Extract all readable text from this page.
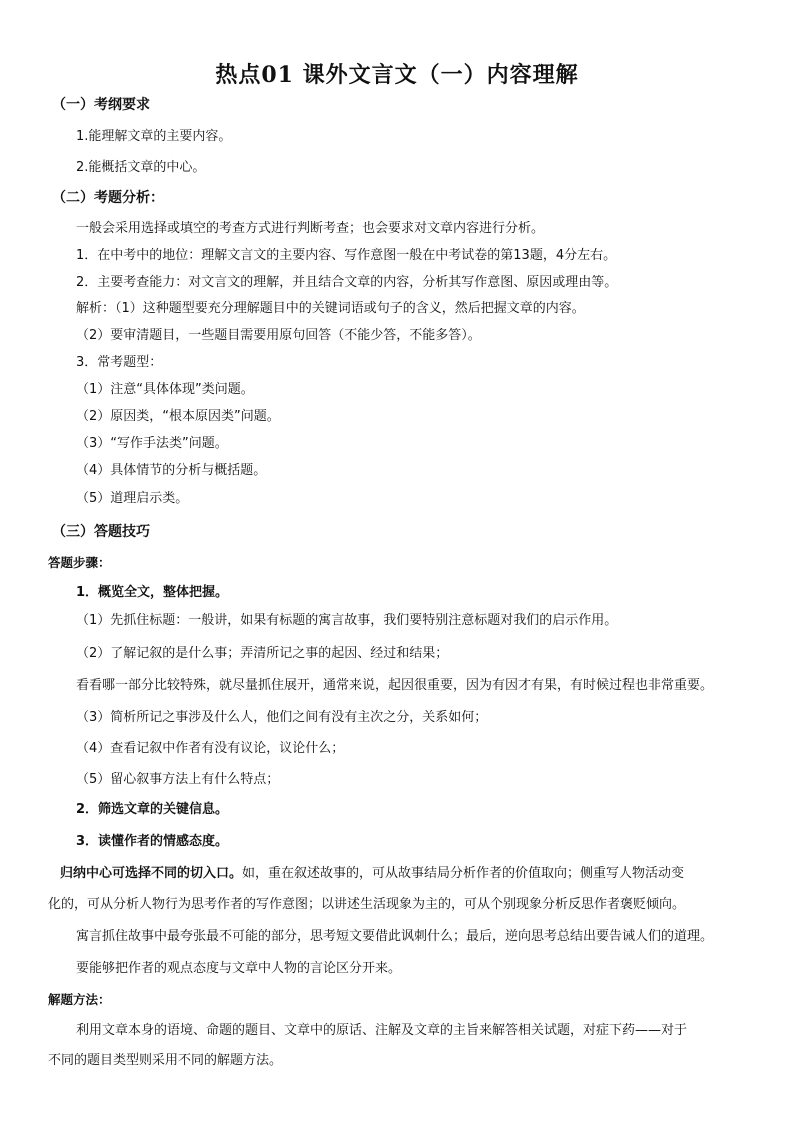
热点01 课外文言文（一）内容理解
（一）考纲要求
1.能理解文章的主要内容。
2.能概括文章的中心。
（二）考题分析：
一般会采用选择或填空的考查方式进行判断考查；也会要求对文章内容进行分析。
1．在中考中的地位：理解文言文的主要内容、写作意图一般在中考试卷的第13题，4分左右。
2．主要考查能力：对文言文的理解，并且结合文章的内容，分析其写作意图、原因或理由等。
解析：（1）这种题型要充分理解题目中的关键词语或句子的含义，然后把握文章的内容。
（2）要审清题目，一些题目需要用原句回答（不能少答，不能多答）。
3．常考题型：
（1）注意“具体体现”类问题。
（2）原因类，“根本原因类”问题。
（3）“写作手法类”问题。
（4）具体情节的分析与概括题。
（5）道理启示类。
（三）答题技巧
答题步骤：
1．概览全文，整体把握。
（1）先抓住标题：一般讲，如果有标题的寓言故事，我们要特别注意标题对我们的启示作用。
（2）了解记叙的是什么事；弄清所记之事的起因、经过和结果；
看看哪一部分比较特殊，就尽量抓住展开，通常来说，起因很重要，因为有因才有果，有时候过程也非常重要。
（3）简析所记之事涉及什么人，他们之间有没有主次之分，关系如何；
（4）查看记叙中作者有没有议论，议论什么；
（5）留心叙事方法上有什么特点；
2．筛选文章的关键信息。
3．读懂作者的情感态度。
归纳中心可选择不同的切入口。如，重在叙述故事的，可从故事结局分析作者的价值取向；侧重写人物活动变
化的，可从分析人物行为思考作者的写作意图；以讲述生活现象为主的，可从个别现象分析反思作者褒贬倾向。
寓言抓住故事中最夸张最不可能的部分，思考短文要借此讽刺什么；最后，逆向思考总结出要告诫人们的道理。
要能够把作者的观点态度与文章中人物的言论区分开来。
解题方法：
利用文章本身的语境、命题的题目、文章中的原话、注解及文章的主旨来解答相关试题，对症下药——对于
不同的题目类型则采用不同的解题方法。
